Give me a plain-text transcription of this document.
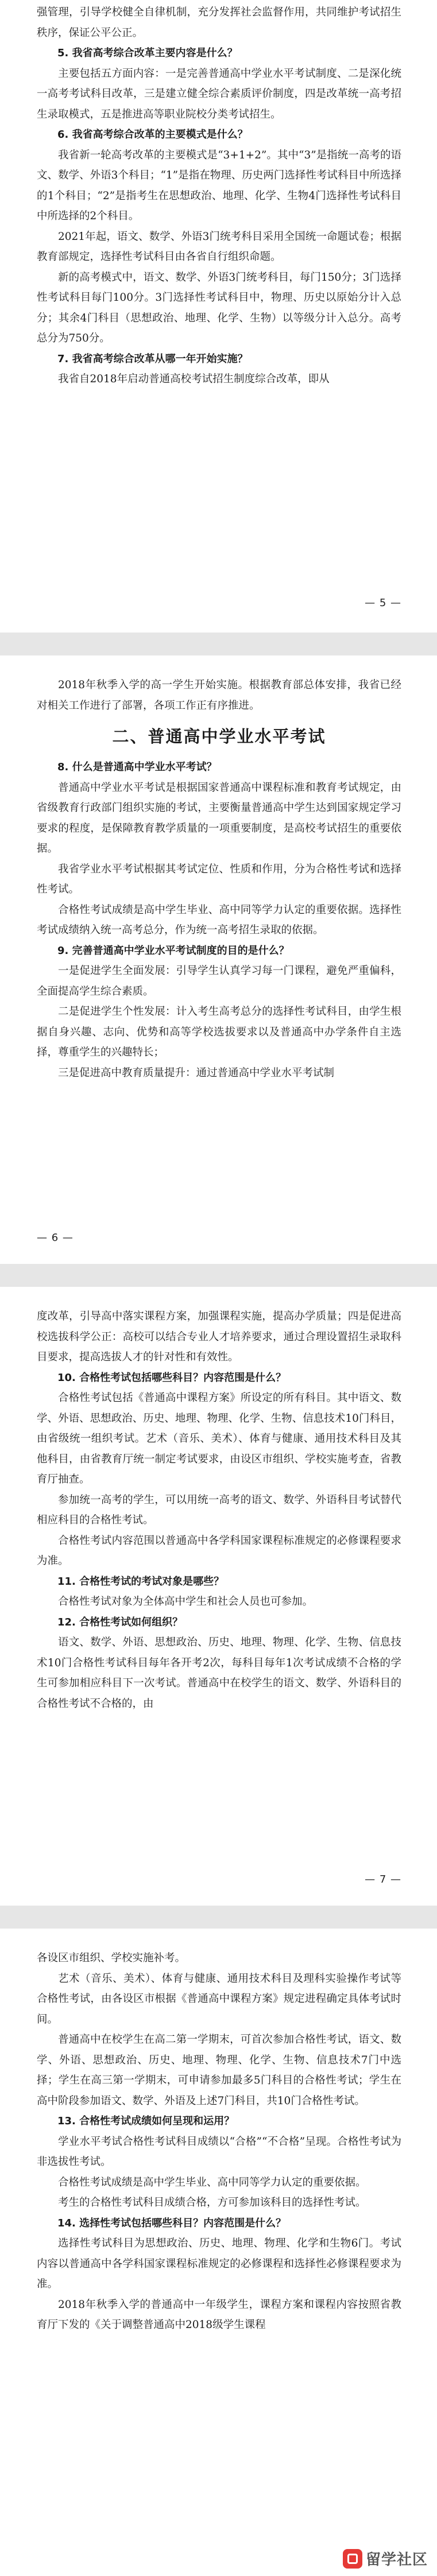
强管理，引导学校健全自律机制，充分发挥社会监督作用，共同维护考试招生秩序，保证公平公正。

5. 我省高考综合改革主要内容是什么？

主要包括五方面内容：一是完善普通高中学业水平考试制度、二是深化统一高考考试科目改革，三是建立健全综合素质评价制度，四是改革统一高考招生录取模式，五是推进高等职业院校分类考试招生。

6. 我省高考综合改革的主要模式是什么？

我省新一轮高考改革的主要模式是“3+1+2”。其中“3”是指统一高考的语文、数学、外语3个科目；“1”是指在物理、历史两门选择性考试科目中所选择的1个科目；“2”是指考生在思想政治、地理、化学、生物4门选择性考试科目中所选择的2个科目。

2021年起，语文、数学、外语3门统考科目采用全国统一命题试卷；根据教育部规定，选择性考试科目由各省自行组织命题。

新的高考模式中，语文、数学、外语3门统考科目，每门150分；3门选择性考试科目每门100分。3门选择性考试科目中，物理、历史以原始分计入总分；其余4门科目（思想政治、地理、化学、生物）以等级分计入总分。高考总分为750分。

7. 我省高考综合改革从哪一年开始实施？

我省自2018年启动普通高校考试招生制度综合改革，即从

— 5 —

2018年秋季入学的高一学生开始实施。根据教育部总体安排，我省已经对相关工作进行了部署，各项工作正有序推进。

二、普通高中学业水平考试

8. 什么是普通高中学业水平考试？

普通高中学业水平考试是根据国家普通高中课程标准和教育考试规定，由省级教育行政部门组织实施的考试，主要衡量普通高中学生达到国家规定学习要求的程度，是保障教育教学质量的一项重要制度，是高校考试招生的重要依据。

我省学业水平考试根据其考试定位、性质和作用，分为合格性考试和选择性考试。

合格性考试成绩是高中学生毕业、高中同等学力认定的重要依据。选择性考试成绩纳入统一高考总分，作为统一高考招生录取的依据。

9. 完善普通高中学业水平考试制度的目的是什么？

一是促进学生全面发展：引导学生认真学习每一门课程，避免严重偏科，全面提高学生综合素质。

二是促进学生个性发展：计入考生高考总分的选择性考试科目，由学生根据自身兴趣、志向、优势和高等学校选拔要求以及普通高中办学条件自主选择，尊重学生的兴趣特长；

三是促进高中教育质量提升：通过普通高中学业水平考试制

— 6 —

度改革，引导高中落实课程方案，加强课程实施，提高办学质量；四是促进高校选拔科学公正：高校可以结合专业人才培养要求，通过合理设置招生录取科目要求，提高选拔人才的针对性和有效性。

10. 合格性考试包括哪些科目？内容范围是什么？

合格性考试包括《普通高中课程方案》所设定的所有科目。其中语文、数学、外语、思想政治、历史、地理、物理、化学、生物、信息技术10门科目，由省级统一组织考试。艺术（音乐、美术）、体育与健康、通用技术科目及其他科目，由省教育厅统一制定考试要求，由设区市组织、学校实施考查，省教育厅抽查。

参加统一高考的学生，可以用统一高考的语文、数学、外语科目考试替代相应科目的合格性考试。

合格性考试内容范围以普通高中各学科国家课程标准规定的必修课程要求为准。

11. 合格性考试的考试对象是哪些？

合格性考试对象为全体高中学生和社会人员也可参加。

12. 合格性考试如何组织？

语文、数学、外语、思想政治、历史、地理、物理、化学、生物、信息技术10门合格性考试科目每年各开考2次，每科目每年1次考试成绩不合格的学生可参加相应科目下一次考试。普通高中在校学生的语文、数学、外语科目的合格性考试不合格的，由

— 7 —

各设区市组织、学校实施补考。

艺术（音乐、美术）、体育与健康、通用技术科目及理科实验操作考试等合格性考试，由各设区市根据《普通高中课程方案》规定进程确定具体考试时间。

普通高中在校学生在高二第一学期末，可首次参加合格性考试，语文、数学、外语、思想政治、历史、地理、物理、化学、生物、信息技术7门中选择；学生在高三第一学期末，可申请参加最多5门科目的合格性考试；学生在高中阶段参加语文、数学、外语及上述7门科目，共10门合格性考试。

13. 合格性考试成绩如何呈现和运用？

学业水平考试合格性考试科目成绩以“合格”“不合格”呈现。合格性考试为非选拔性考试。

合格性考试成绩是高中学生毕业、高中同等学力认定的重要依据。

考生的合格性考试科目成绩合格，方可参加该科目的选择性考试。

14. 选择性考试包括哪些科目？内容范围是什么？

选择性考试科目为思想政治、历史、地理、物理、化学和生物6门。考试内容以普通高中各学科国家课程标准规定的必修课程和选择性必修课程要求为准。

2018年秋季入学的普通高中一年级学生，课程方案和课程内容按照省教育厅下发的《关于调整普通高中2018级学生课程

留学社区
